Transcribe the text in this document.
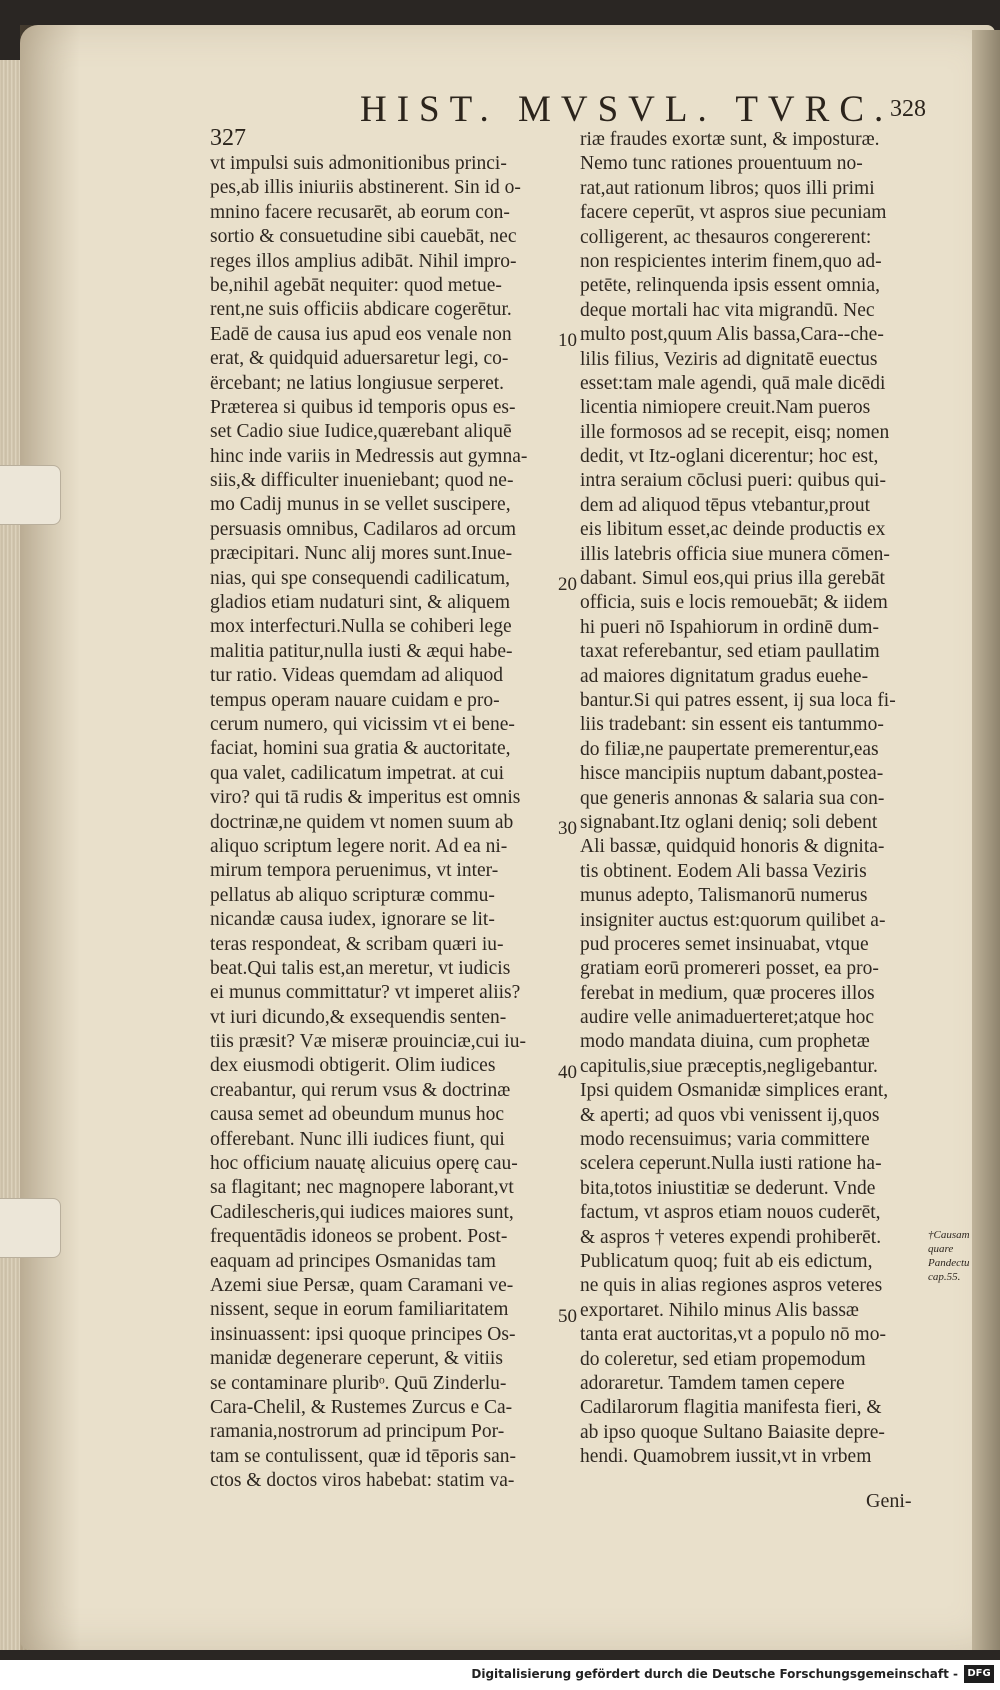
327
HIST. MVSVL. TVRC.
328
vt impulsi suis admonitionibus princi-
pes,ab illis iniuriis abstinerent. Sin id o-
mnino facere recusarēt, ab eorum con-
sortio & consuetudine sibi cauebāt, nec
reges illos amplius adibāt. Nihil impro-
be,nihil agebāt nequiter: quod metue-
rent,ne suis officiis abdicare cogerētur.
Eadē de causa ius apud eos venale non
erat, & quidquid aduersaretur legi, co-
ërcebant; ne latius longiusue serperet.
Præterea si quibus id temporis opus es-
set Cadio siue Iudice,quærebant aliquē
hinc inde variis in Medressis aut gymna-
siis,& difficulter inueniebant; quod ne-
mo Cadij munus in se vellet suscipere,
persuasis omnibus, Cadilaros ad orcum
præcipitari. Nunc alij mores sunt.Inue-
nias, qui spe consequendi cadilicatum,
gladios etiam nudaturi sint, & aliquem
mox interfecturi.Nulla se cohiberi lege
malitia patitur,nulla iusti & æqui habe-
tur ratio. Videas quemdam ad aliquod
tempus operam nauare cuidam e pro-
cerum numero, qui vicissim vt ei bene-
faciat, homini sua gratia & auctoritate,
qua valet, cadilicatum impetrat. at cui
viro? qui tā rudis & imperitus est omnis
doctrinæ,ne quidem vt nomen suum ab
aliquo scriptum legere norit. Ad ea ni-
mirum tempora peruenimus, vt inter-
pellatus ab aliquo scripturæ commu-
nicandæ causa iudex, ignorare se lit-
teras respondeat, & scribam quæri iu-
beat.Qui talis est,an meretur, vt iudicis
ei munus committatur? vt imperet aliis?
vt iuri dicundo,& exsequendis senten-
tiis præsit? Væ miseræ prouinciæ,cui iu-
dex eiusmodi obtigerit. Olim iudices
creabantur, qui rerum vsus & doctrinæ
causa semet ad obeundum munus hoc
offerebant. Nunc illi iudices fiunt, qui
hoc officium nauatę alicuius operę cau-
sa flagitant; nec magnopere laborant,vt
Cadilescheris,qui iudices maiores sunt,
frequentādis idoneos se probent. Post-
eaquam ad principes Osmanidas tam
Azemi siue Persæ, quam Caramani ve-
nissent, seque in eorum familiaritatem
insinuassent: ipsi quoque principes Os-
manidæ degenerare ceperunt, & vitiis
se contaminare pluribᵒ. Quū Zinderlu-
Cara-Chelil, & Rustemes Zurcus e Ca-
ramania,nostrorum ad principum Por-
tam se contulissent, quæ id tēporis san-
ctos & doctos viros habebat: statim va-
riæ fraudes exortæ sunt, & imposturæ.
Nemo tunc rationes prouentuum no-
rat,aut rationum libros; quos illi primi
facere ceperūt, vt aspros siue pecuniam
colligerent, ac thesauros congererent:
non respicientes interim finem,quo ad-
petēte, relinquenda ipsis essent omnia,
deque mortali hac vita migrandū. Nec
multo post,quum Alis bassa,Cara--che-
lilis filius, Veziris ad dignitatē euectus
esset:tam male agendi, quā male dicēdi
licentia nimiopere creuit.Nam pueros
ille formosos ad se recepit, eisq; nomen
dedit, vt Itz-oglani dicerentur; hoc est,
intra seraium cōclusi pueri: quibus qui-
dem ad aliquod tēpus vtebantur,prout
eis libitum esset,ac deinde productis ex
illis latebris officia siue munera cōmen-
dabant. Simul eos,qui prius illa gerebāt
officia, suis e locis remouebāt; & iidem
hi pueri nō Ispahiorum in ordinē dum-
taxat referebantur, sed etiam paullatim
ad maiores dignitatum gradus euehe-
bantur.Si qui patres essent, ij sua loca fi-
liis tradebant: sin essent eis tantummo-
do filiæ,ne paupertate premerentur,eas
hisce mancipiis nuptum dabant,postea-
que generis annonas & salaria sua con-
signabant.Itz oglani deniq; soli debent
Ali bassæ, quidquid honoris & dignita-
tis obtinent. Eodem Ali bassa Veziris
munus adepto, Talismanorū numerus
insigniter auctus est:quorum quilibet a-
pud proceres semet insinuabat, vtque
gratiam eorū promereri posset, ea pro-
ferebat in medium, quæ proceres illos
audire velle animaduerteret;atque hoc
modo mandata diuina, cum prophetæ
capitulis,siue præceptis,negligebantur.
Ipsi quidem Osmanidæ simplices erant,
& aperti; ad quos vbi venissent ij,quos
modo recensuimus; varia committere
scelera ceperunt.Nulla iusti ratione ha-
bita,totos iniustitiæ se dederunt. Vnde
factum, vt aspros etiam nouos cuderēt,
& aspros † veteres expendi prohiberēt.
Publicatum quoq; fuit ab eis edictum,
ne quis in alias regiones aspros veteres
exportaret. Nihilo minus Alis bassæ
tanta erat auctoritas,vt a populo nō mo-
do coleretur, sed etiam propemodum
adoraretur. Tamdem tamen cepere
Cadilarorum flagitia manifesta fieri, &
ab ipso quoque Sultano Baiasite depre-
hendi. Quamobrem iussit,vt in vrbem
10
20
30
40
50
†Causam quare Pandectu cap.55.
Geni-
Digitalisierung gefördert durch die Deutsche Forschungsgemeinschaft - DFG
